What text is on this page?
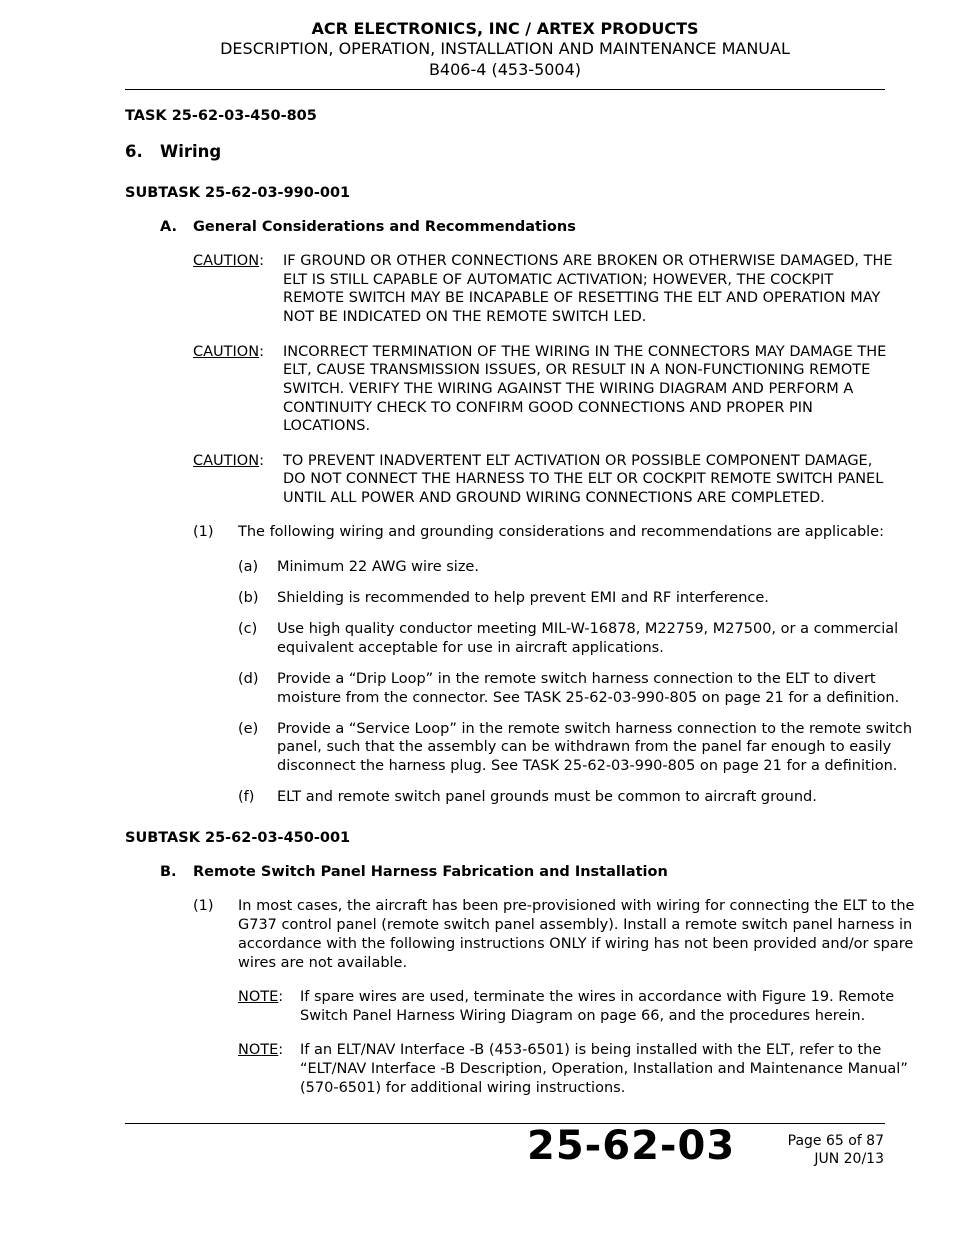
ACR ELECTRONICS, INC / ARTEX PRODUCTS
DESCRIPTION, OPERATION, INSTALLATION AND MAINTENANCE MANUAL
B406-4 (453-5004)
TASK 25-62-03-450-805
6. Wiring
SUBTASK 25-62-03-990-001
A. General Considerations and Recommendations
CAUTION: IF GROUND OR OTHER CONNECTIONS ARE BROKEN OR OTHERWISE DAMAGED, THE
ELT IS STILL CAPABLE OF AUTOMATIC ACTIVATION; HOWEVER, THE COCKPIT
REMOTE SWITCH MAY BE INCAPABLE OF RESETTING THE ELT AND OPERATION MAY
NOT BE INDICATED ON THE REMOTE SWITCH LED.
CAUTION: INCORRECT TERMINATION OF THE WIRING IN THE CONNECTORS MAY DAMAGE THE
ELT, CAUSE TRANSMISSION ISSUES, OR RESULT IN A NON-FUNCTIONING REMOTE
SWITCH. VERIFY THE WIRING AGAINST THE WIRING DIAGRAM AND PERFORM A
CONTINUITY CHECK TO CONFIRM GOOD CONNECTIONS AND PROPER PIN
LOCATIONS.
CAUTION: TO PREVENT INADVERTENT ELT ACTIVATION OR POSSIBLE COMPONENT DAMAGE,
DO NOT CONNECT THE HARNESS TO THE ELT OR COCKPIT REMOTE SWITCH PANEL
UNTIL ALL POWER AND GROUND WIRING CONNECTIONS ARE COMPLETED.
(1) The following wiring and grounding considerations and recommendations are applicable:
(a) Minimum 22 AWG wire size.
(b) Shielding is recommended to help prevent EMI and RF interference.
(c) Use high quality conductor meeting MIL-W-16878, M22759, M27500, or a commercial
equivalent acceptable for use in aircraft applications.
(d) Provide a “Drip Loop” in the remote switch harness connection to the ELT to divert
moisture from the connector. See TASK 25-62-03-990-805 on page 21 for a definition.
(e) Provide a “Service Loop” in the remote switch harness connection to the remote switch
panel, such that the assembly can be withdrawn from the panel far enough to easily
disconnect the harness plug. See TASK 25-62-03-990-805 on page 21 for a definition.
(f) ELT and remote switch panel grounds must be common to aircraft ground.
SUBTASK 25-62-03-450-001
B. Remote Switch Panel Harness Fabrication and Installation
(1) In most cases, the aircraft has been pre-provisioned with wiring for connecting the ELT to the
G737 control panel (remote switch panel assembly). Install a remote switch panel harness in
accordance with the following instructions ONLY if wiring has not been provided and/or spare
wires are not available.
NOTE: If spare wires are used, terminate the wires in accordance with Figure 19. Remote
Switch Panel Harness Wiring Diagram on page 66, and the procedures herein.
NOTE: If an ELT/NAV Interface -B (453-6501) is being installed with the ELT, refer to the
“ELT/NAV Interface -B Description, Operation, Installation and Maintenance Manual”
(570-6501) for additional wiring instructions.
25-62-03	Page 65 of 87
JUN 20/13
